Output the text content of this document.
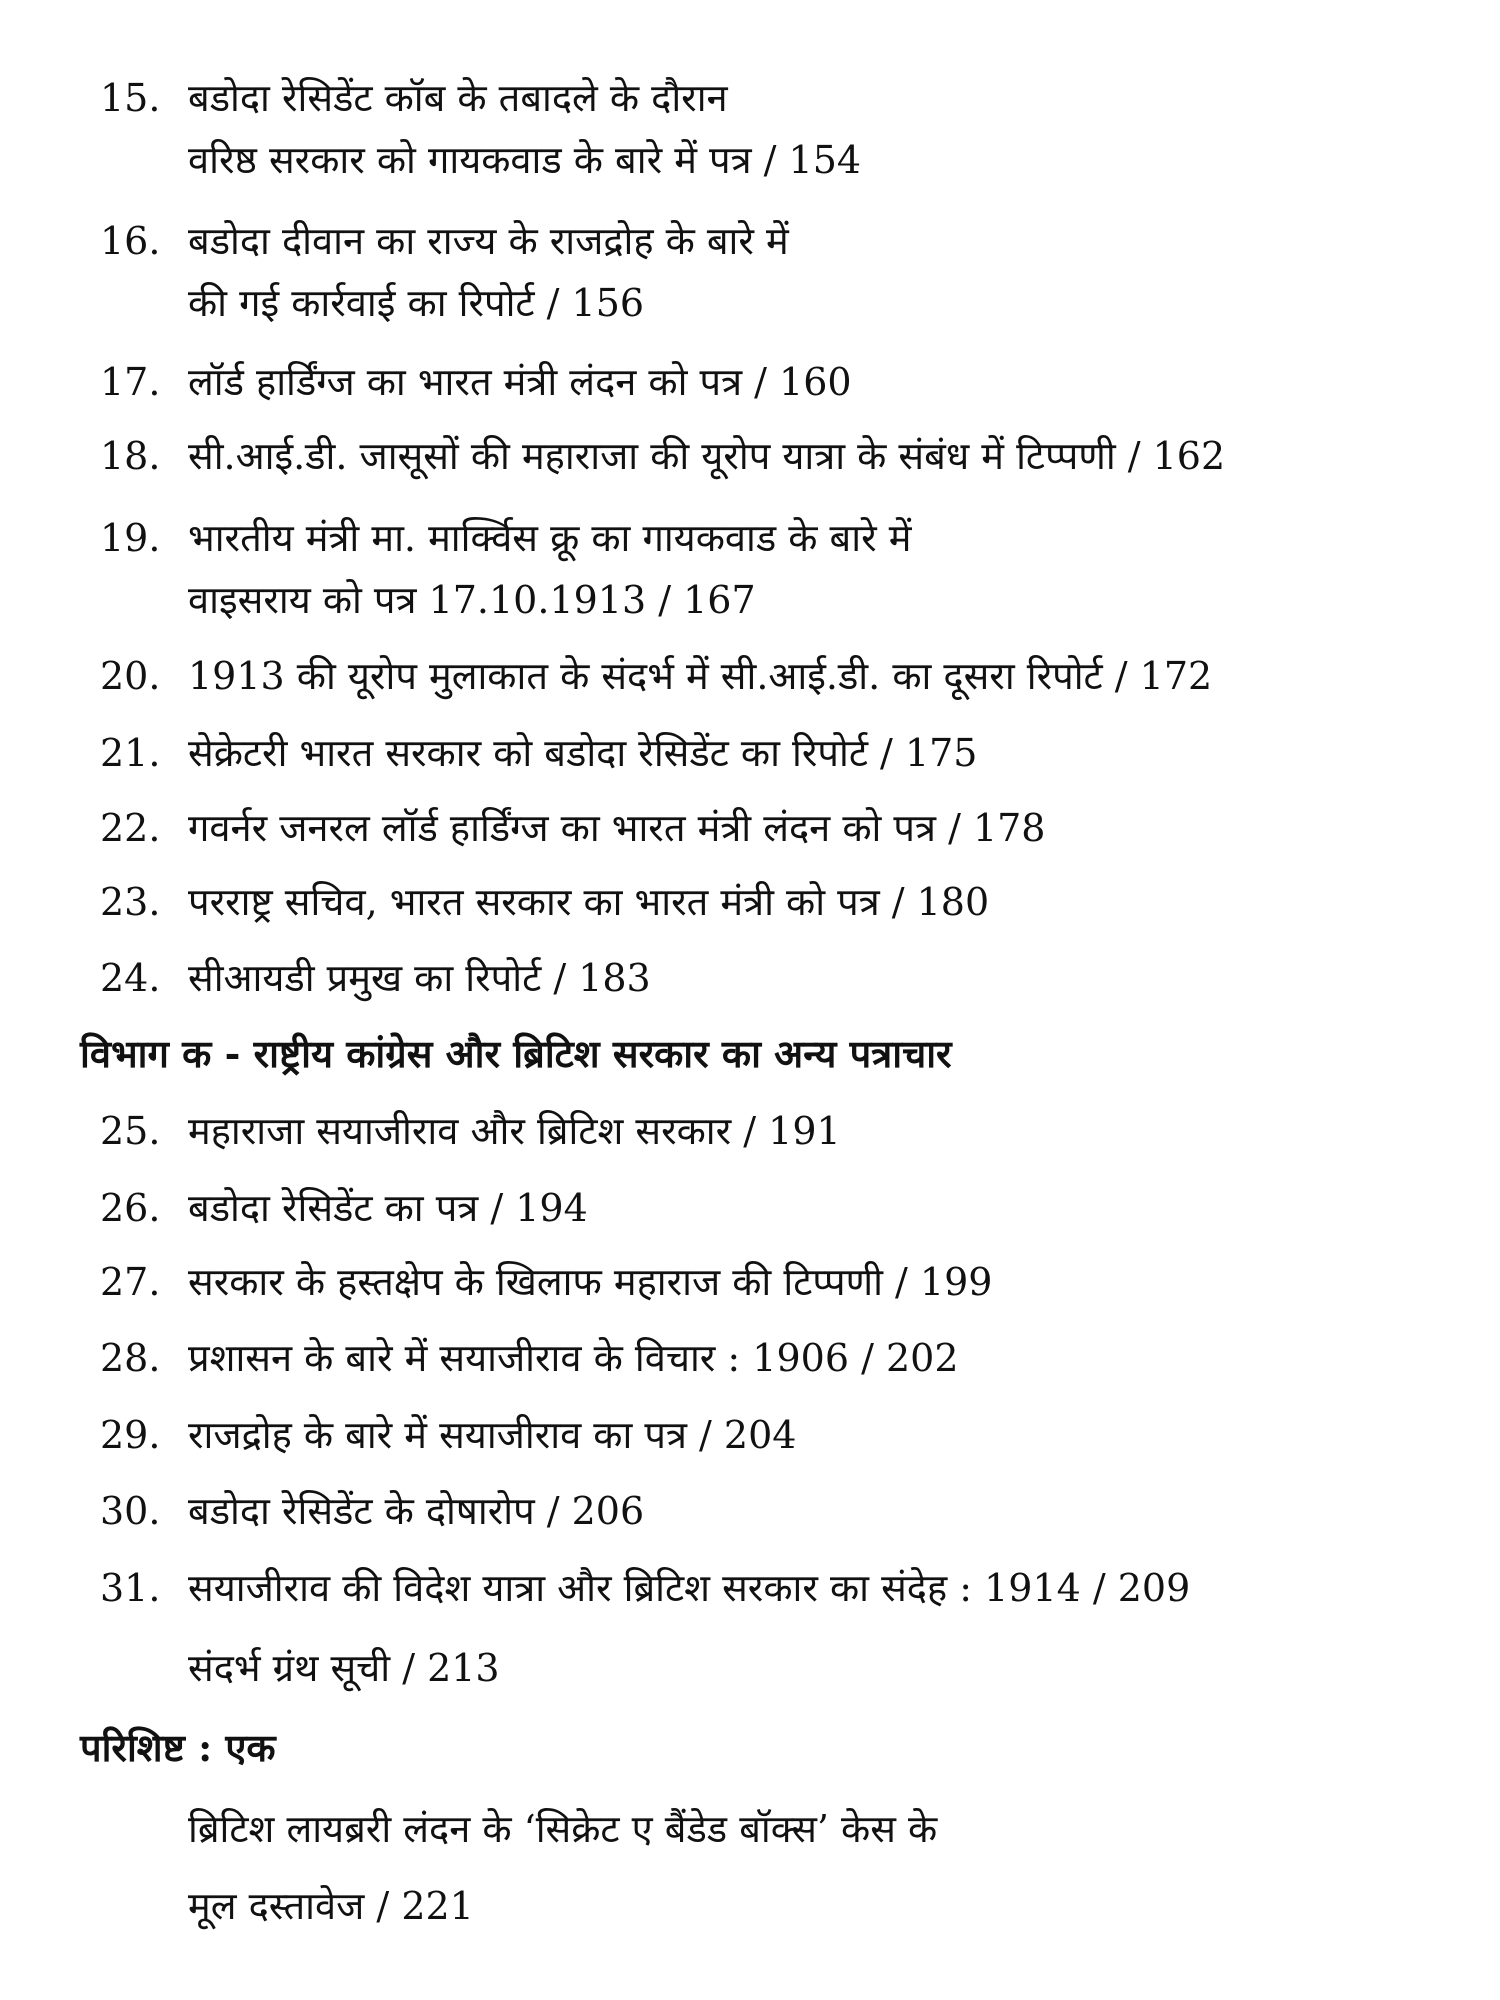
15. बडोदा रेसिडेंट कॉब के तबादले के दौरान
वरिष्ठ सरकार को गायकवाड के बारे में पत्र / 154
16. बडोदा दीवान का राज्य के राजद्रोह के बारे में
की गई कार्रवाई का रिपोर्ट / 156
17. लॉर्ड हार्डिंग्ज का भारत मंत्री लंदन को पत्र / 160
18. सी.आई.डी. जासूसों की महाराजा की यूरोप यात्रा के संबंध में टिप्पणी / 162
19. भारतीय मंत्री मा. मार्क्विस क्रू का गायकवाड के बारे में
वाइसराय को पत्र 17.10.1913 / 167
20. 1913 की यूरोप मुलाकात के संदर्भ में सी.आई.डी. का दूसरा रिपोर्ट / 172
21. सेक्रेटरी भारत सरकार को बडोदा रेसिडेंट का रिपोर्ट / 175
22. गवर्नर जनरल लॉर्ड हार्डिंग्ज का भारत मंत्री लंदन को पत्र / 178
23. परराष्ट्र सचिव, भारत सरकार का भारत मंत्री को पत्र / 180
24. सीआयडी प्रमुख का रिपोर्ट / 183
विभाग क - राष्ट्रीय कांग्रेस और ब्रिटिश सरकार का अन्य पत्राचार
25. महाराजा सयाजीराव और ब्रिटिश सरकार / 191
26. बडोदा रेसिडेंट का पत्र / 194
27. सरकार के हस्तक्षेप के खिलाफ महाराज की टिप्पणी / 199
28. प्रशासन के बारे में सयाजीराव के विचार : 1906 / 202
29. राजद्रोह के बारे में सयाजीराव का पत्र / 204
30. बडोदा रेसिडेंट के दोषारोप / 206
31. सयाजीराव की विदेश यात्रा और ब्रिटिश सरकार का संदेह : 1914 / 209
संदर्भ ग्रंथ सूची / 213
परिशिष्ट : एक
ब्रिटिश लायब्ररी लंदन के ‘सिक्रेट ए बैंडेड बॉक्स’ केस के
मूल दस्तावेज / 221
